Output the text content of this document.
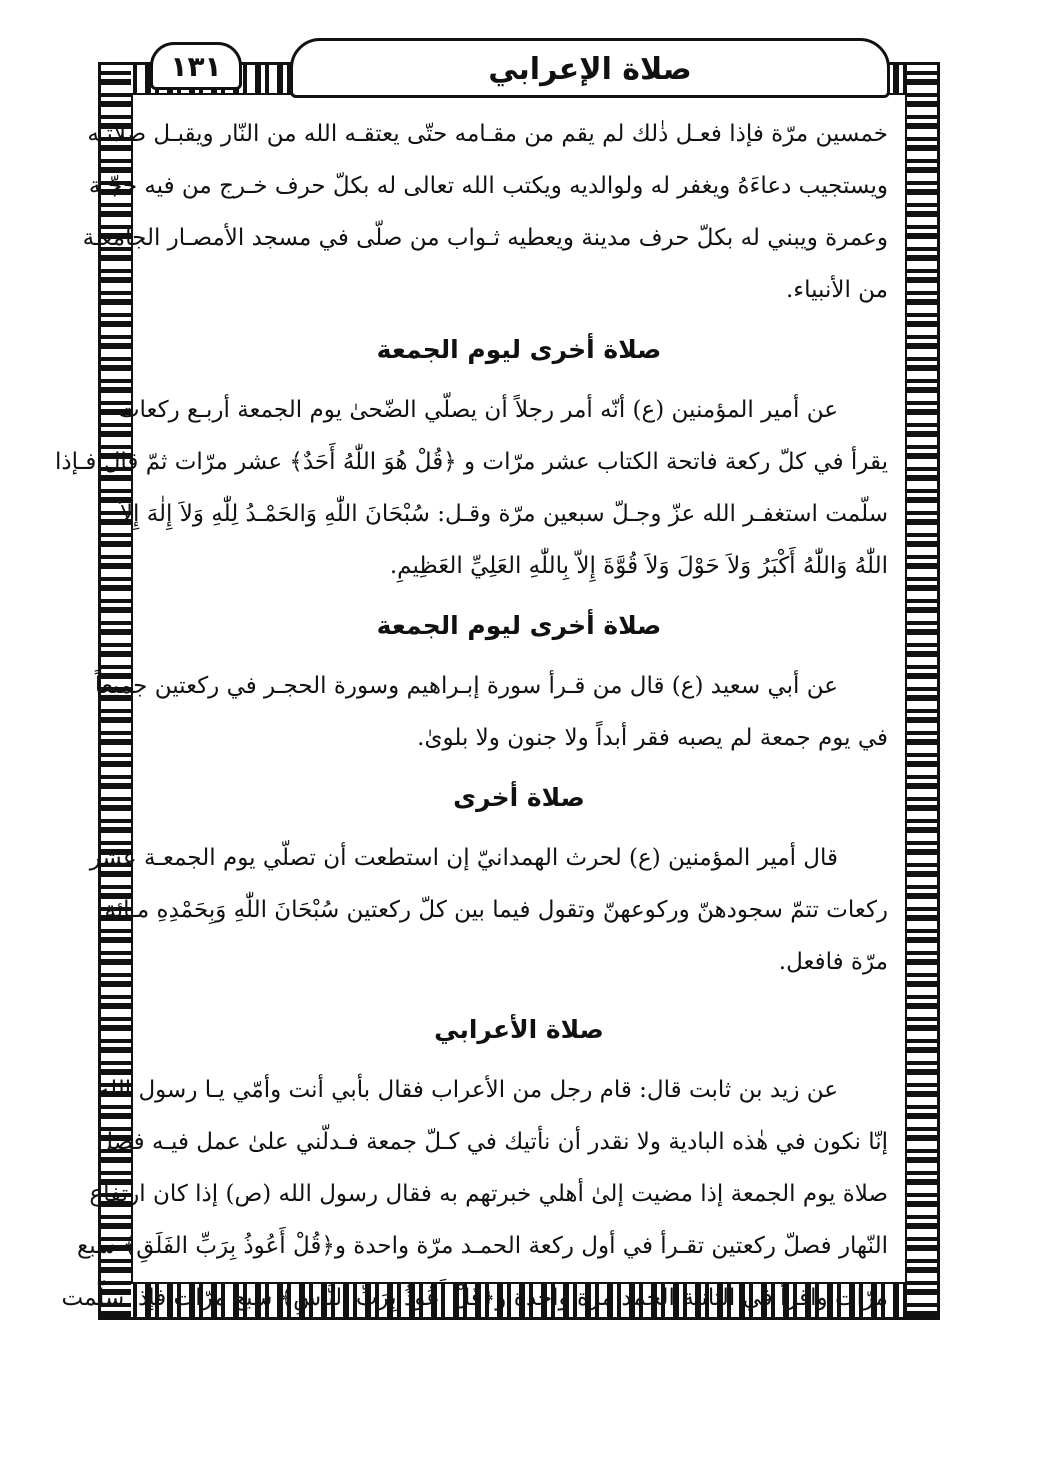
صلاة الإعرابي
١٣١
خمسين مرّة فإذا فعـل ذٰلك لم يقم من مقـامه حتّى يعتقـه الله من النّار ويقبـل صلاتـه
ويستجيب دعاءَهُ ويغفر له ولوالديه ويكتب الله تعالى له بكلّ حرف خـرج من فيه حجّـة
وعمرة ويبني له بكلّ حرف مدينة ويعطيه ثـواب من صلّى في مسجد الأمصـار الجامعـة
من الأنبياء.
صلاة أخرى ليوم الجمعة
عن أمير المؤمنين (ع) أنّه أمر رجلاً أن يصلّي الضّحىٰ يوم الجمعة أربـع ركعات
يقرأ في كلّ ركعة فاتحة الكتاب عشر مرّات و ﴿قُلْ هُوَ اللّٰهُ أَحَدٌ﴾ عشر مرّات ثمّ قال فـإذا
سلّمت استغفـر الله عزّ وجـلّ سبعين مرّة وقـل: سُبْحَانَ اللّٰهِ وَالحَمْـدُ لِلّٰهِ وَلاَ إِلٰهَ إِلاّ
اللّٰهُ وَاللّٰهُ أَكْبَرُ وَلاَ حَوْلَ وَلاَ قُوَّةَ إِلاّ بِاللّٰهِ العَلِيِّ العَظِيمِ.
صلاة أخرى ليوم الجمعة
عن أبي سعيد (ع) قال من قـرأ سورة إبـراهيم وسورة الحجـر في ركعتين جميعاً
في يوم جمعة لم يصبه فقر أبداً ولا جنون ولا بلوىٰ.
صلاة أخرى
قال أمير المؤمنين (ع) لحرث الهمدانيّ إن استطعت أن تصلّي يوم الجمعـة عشر
ركعات تتمّ سجودهنّ وركوعهنّ وتقول فيما بين كلّ ركعتين سُبْحَانَ اللّٰهِ وَبِحَمْدِهِ مـائة
مرّة فافعل.
صلاة الأعرابي
عن زيد بن ثابت قال: قام رجل من الأعراب فقال بأبي أنت وأمّي يـا رسول الله
إنّا نكون في هٰذه البادية ولا نقدر أن نأتيك في كـلّ جمعة فـدلّني علىٰ عمل فيـه فضل
صلاة يوم الجمعة إذا مضيت إلىٰ أهلي خبرتهم به فقال رسول الله (ص) إذا كان ارتفاع
النّهار فصلّ ركعتين تقـرأ في أول ركعة الحمـد مرّة واحدة و﴿قُلْ أَعُوذُ بِرَبِّ الفَلَقِ﴾ سبع
مرّات واقرأ في الثانية الحمد مرة واحدة و﴿قُلْ أَعُوذُ بِرَبِّ النَّاسِ﴾ سبع مرّات فإذا سلّمت
